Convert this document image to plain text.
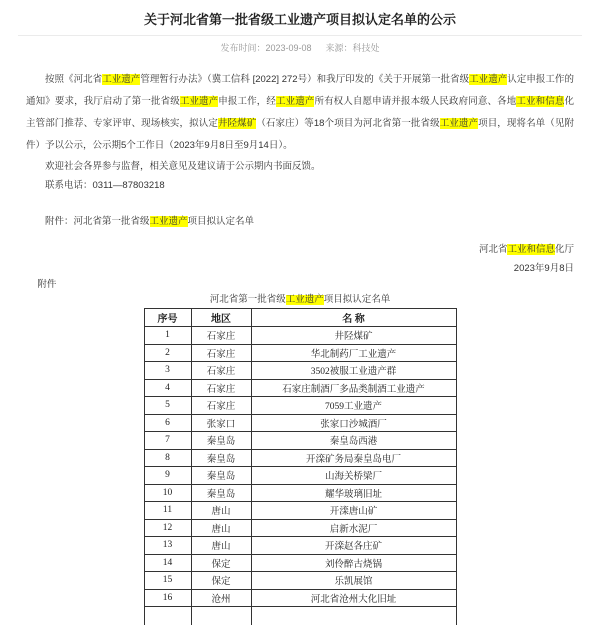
关于河北省第一批省级工业遗产项目拟认定名单的公示
发布时间：2023-09-08 来源：科技处

按照《河北省工业遗产管理暂行办法》（冀工信科 [2022] 272号）和我厅印发的《关于开展第一批省级工业遗产认定申报工作的通知》要求，我厅启动了第一批省级工业遗产申报工作，经工业遗产所有权人自愿申请并报本级人民政府同意、各地工业和信息化主管部门推荐、专家评审、现场核实，拟认定井陉煤矿（石家庄）等18个项目为河北省第一批省级工业遗产项目，现将名单（见附件）予以公示，公示期5个工作日（2023年9月8日至9月14日）。

欢迎社会各界参与监督，相关意见及建议请于公示期内书面反馈。

联系电话：0311—87803218

附件：河北省第一批省级工业遗产项目拟认定名单

河北省工业和信息化厅
2023年9月8日
附件
河北省第一批省级工业遗产项目拟认定名单
序号	地区	名 称
1	石家庄	井陉煤矿
2	石家庄	华北制药厂工业遗产
3	石家庄	3502被服工业遗产群
4	石家庄	石家庄制酒厂多品类制酒工业遗产
5	石家庄	7059工业遗产
6	张家口	张家口沙城酒厂
7	秦皇岛	秦皇岛西港
8	秦皇岛	开滦矿务局秦皇岛电厂
9	秦皇岛	山海关桥梁厂
10	秦皇岛	耀华玻璃旧址
11	唐山	开滦唐山矿
12	唐山	启新水泥厂
13	唐山	开滦赵各庄矿
14	保定	刘伶醉古烧锅
15	保定	乐凯展馆
16	沧州	河北省沧州大化旧址
